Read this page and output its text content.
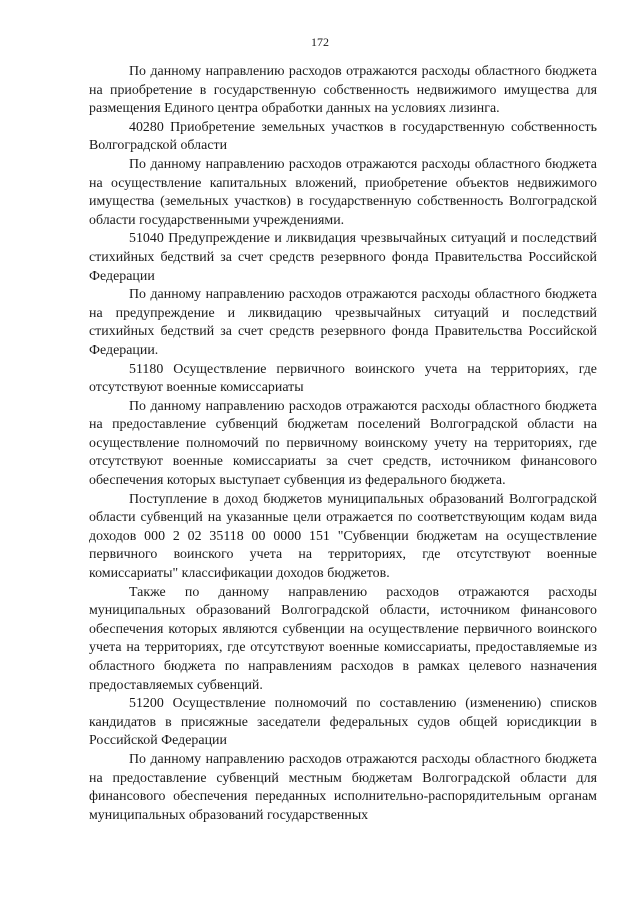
172

По данному направлению расходов отражаются расходы областного бюджета на приобретение в государственную собственность недвижимого имущества для размещения Единого центра обработки данных на условиях лизинга.

40280 Приобретение земельных участков в государственную собственность Волгоградской области

По данному направлению расходов отражаются расходы областного бюджета на осуществление капитальных вложений, приобретение объектов недвижимого имущества (земельных участков) в государственную собственность Волгоградской области государственными учреждениями.

51040 Предупреждение и ликвидация чрезвычайных ситуаций и последствий стихийных бедствий за счет средств резервного фонда Правительства Российской Федерации

По данному направлению расходов отражаются расходы областного бюджета на предупреждение и ликвидацию чрезвычайных ситуаций и последствий стихийных бедствий за счет средств резервного фонда Правительства Российской Федерации.

51180 Осуществление первичного воинского учета на территориях, где отсутствуют военные комиссариаты

По данному направлению расходов отражаются расходы областного бюджета на предоставление субвенций бюджетам поселений Волгоградской области на осуществление полномочий по первичному воинскому учету на территориях, где отсутствуют военные комиссариаты за счет средств, источником финансового обеспечения которых выступает субвенция из федерального бюджета.

Поступление в доход бюджетов муниципальных образований Волгоградской области субвенций на указанные цели отражается по соответствующим кодам вида доходов 000 2 02 35118 00 0000 151 "Субвенции бюджетам на осуществление первичного воинского учета на территориях, где отсутствуют военные комиссариаты" классификации доходов бюджетов.

Также по данному направлению расходов отражаются расходы муниципальных образований Волгоградской области, источником финансового обеспечения которых являются субвенции на осуществление первичного воинского учета на территориях, где отсутствуют военные комиссариаты, предоставляемые из областного бюджета по направлениям расходов в рамках целевого назначения предоставляемых субвенций.

51200 Осуществление полномочий по составлению (изменению) списков кандидатов в присяжные заседатели федеральных судов общей юрисдикции в Российской Федерации

По данному направлению расходов отражаются расходы областного бюджета на предоставление субвенций местным бюджетам Волгоградской области для финансового обеспечения переданных исполнительно-распорядительным органам муниципальных образований государственных
